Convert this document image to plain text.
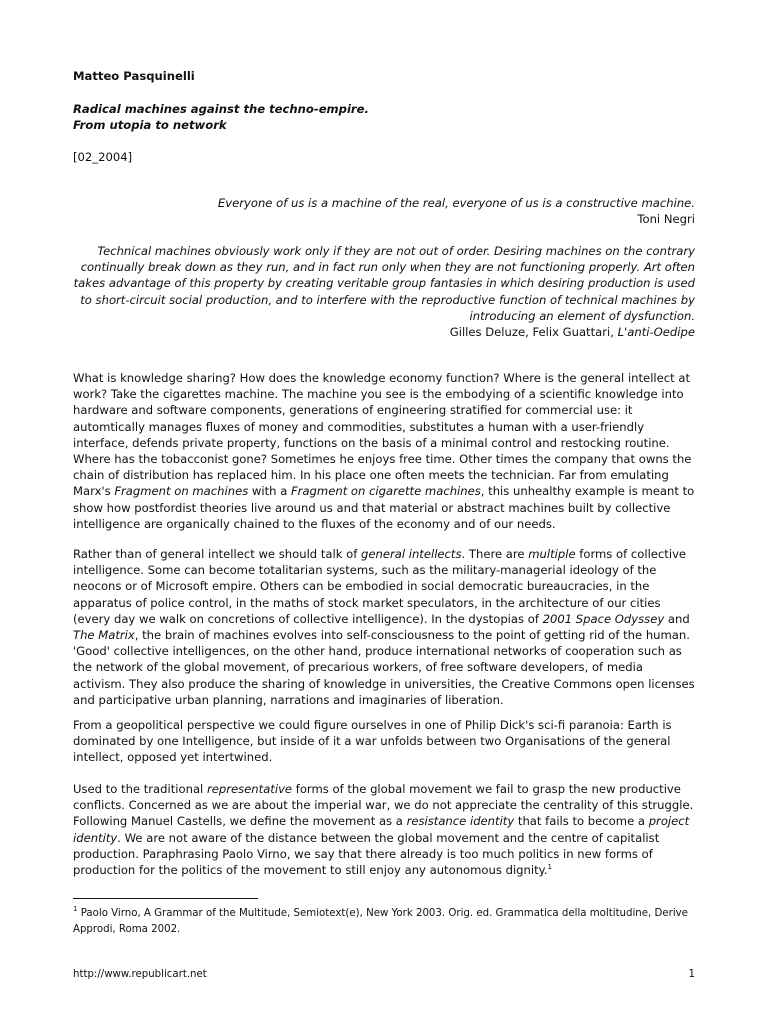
Matteo Pasquinelli
Radical machines against the techno-empire.
From utopia to network
[02_2004]
Everyone of us is a machine of the real, everyone of us is a constructive machine.
Toni Negri
Technical machines obviously work only if they are not out of order. Desiring machines on the contrary continually break down as they run, and in fact run only when they are not functioning properly. Art often takes advantage of this property by creating veritable group fantasies in which desiring production is used to short-circuit social production, and to interfere with the reproductive function of technical machines by introducing an element of dysfunction.
Gilles Deluze, Felix Guattari, L'anti-Oedipe

What is knowledge sharing? How does the knowledge economy function? Where is the general intellect at work? Take the cigarettes machine. The machine you see is the embodying of a scientific knowledge into hardware and software components, generations of engineering stratified for commercial use: it automtically manages fluxes of money and commodities, substitutes a human with a user-friendly interface, defends private property, functions on the basis of a minimal control and restocking routine. Where has the tobacconist gone? Sometimes he enjoys free time. Other times the company that owns the chain of distribution has replaced him. In his place one often meets the technician. Far from emulating Marx's Fragment on machines with a Fragment on cigarette machines, this unhealthy example is meant to show how postfordist theories live around us and that material or abstract machines built by collective intelligence are organically chained to the fluxes of the economy and of our needs.

Rather than of general intellect we should talk of general intellects. There are multiple forms of collective intelligence. Some can become totalitarian systems, such as the military-managerial ideology of the neocons or of Microsoft empire. Others can be embodied in social democratic bureaucracies, in the apparatus of police control, in the maths of stock market speculators, in the architecture of our cities (every day we walk on concretions of collective intelligence). In the dystopias of 2001 Space Odyssey and The Matrix, the brain of machines evolves into self-consciousness to the point of getting rid of the human. 'Good' collective intelligences, on the other hand, produce international networks of cooperation such as the network of the global movement, of precarious workers, of free software developers, of media activism. They also produce the sharing of knowledge in universities, the Creative Commons open licenses and participative urban planning, narrations and imaginaries of liberation.

From a geopolitical perspective we could figure ourselves in one of Philip Dick's sci-fi paranoia: Earth is dominated by one Intelligence, but inside of it a war unfolds between two Organisations of the general intellect, opposed yet intertwined.

Used to the traditional representative forms of the global movement we fail to grasp the new productive conflicts. Concerned as we are about the imperial war, we do not appreciate the centrality of this struggle. Following Manuel Castells, we define the movement as a resistance identity that fails to become a project identity. We are not aware of the distance between the global movement and the centre of capitalist production. Paraphrasing Paolo Virno, we say that there already is too much politics in new forms of production for the politics of the movement to still enjoy any autonomous dignity.$^1$

$^1$ Paolo Virno, A Grammar of the Multitude, Semiotext(e), New York 2003. Orig. ed. Grammatica della moltitudine, Derive Approdi, Roma 2002.
http://www.republicart.net	1
